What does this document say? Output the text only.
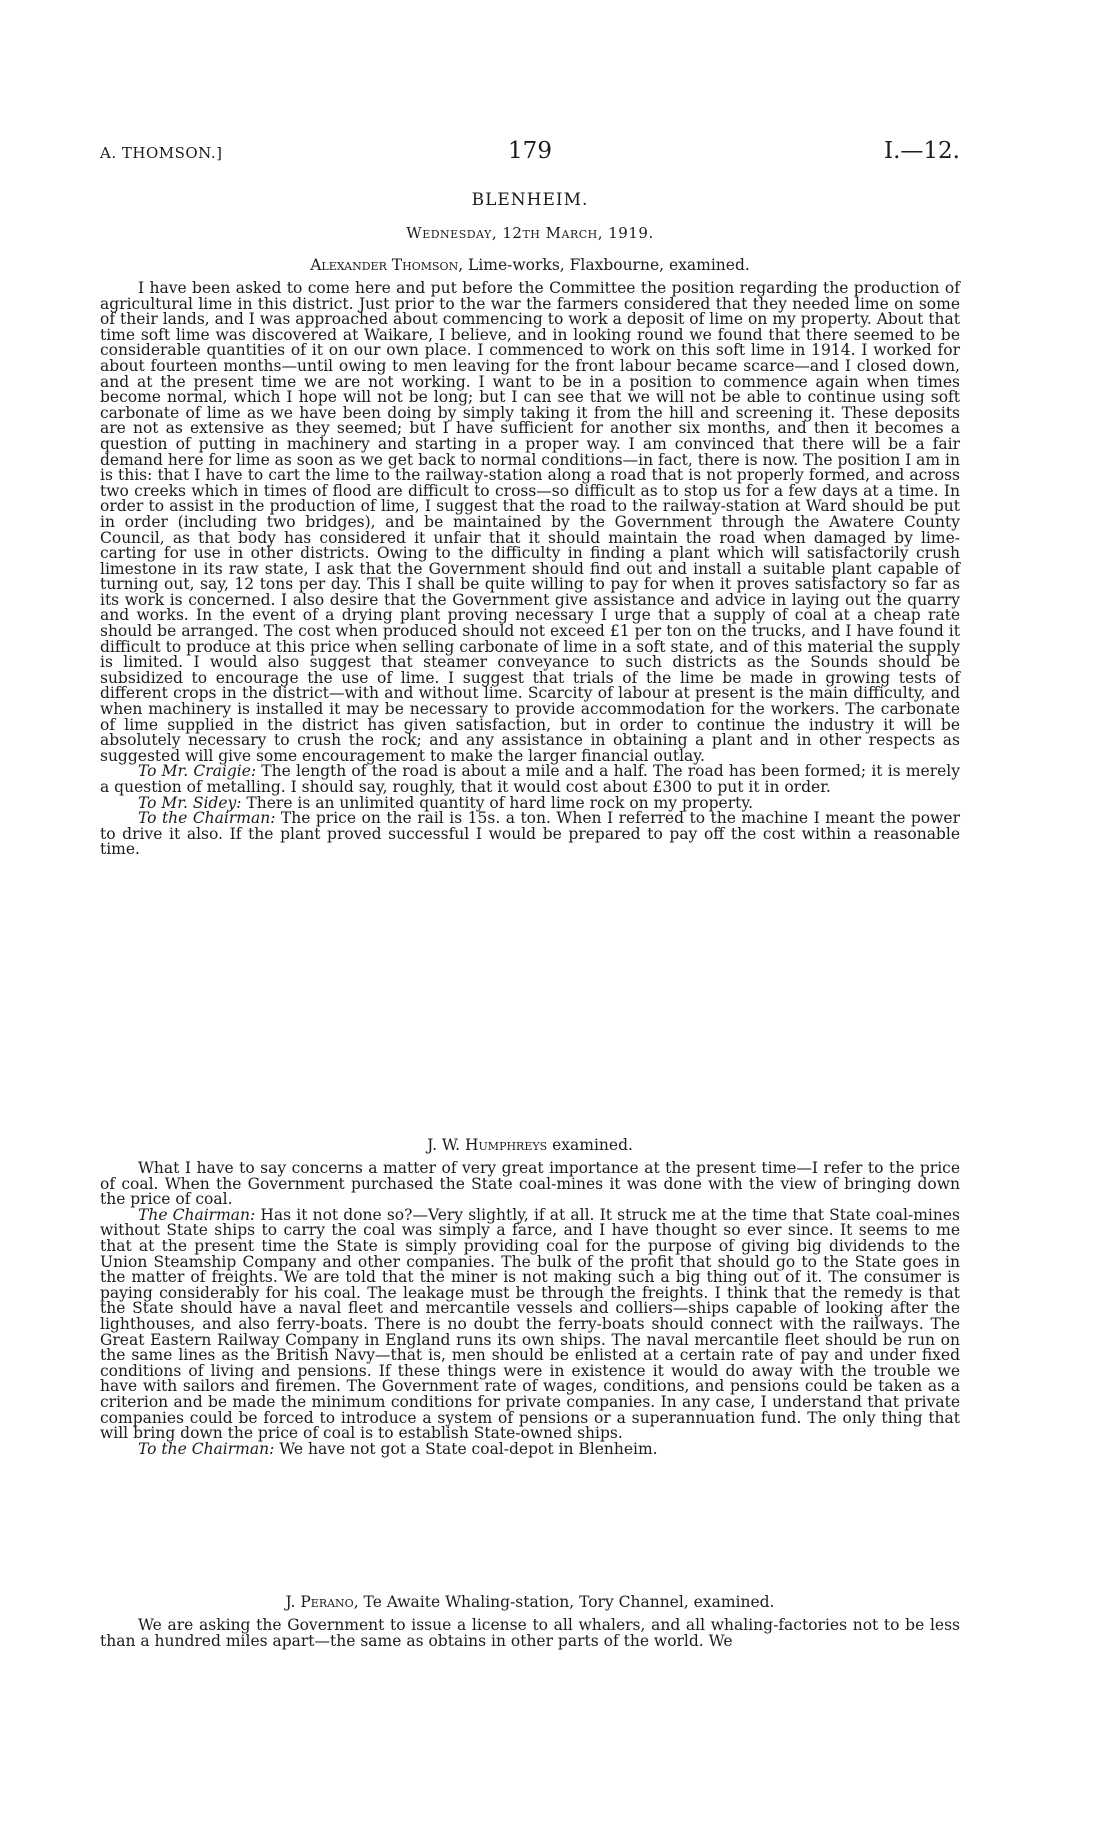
A. THOMSON.]	179	I.—12.
BLENHEIM.
Wednesday, 12th March, 1919.
Alexander Thomson, Lime-works, Flaxbourne, examined.

I have been asked to come here and put before the Committee the position regarding the production of agricultural lime in this district. Just prior to the war the farmers considered that they needed lime on some of their lands, and I was approached about commencing to work a deposit of lime on my property. About that time soft lime was discovered at Waikare, I believe, and in looking round we found that there seemed to be considerable quantities of it on our own place. I commenced to work on this soft lime in 1914. I worked for about fourteen months—until owing to men leaving for the front labour became scarce—and I closed down, and at the present time we are not working. I want to be in a position to commence again when times become normal, which I hope will not be long; but I can see that we will not be able to continue using soft carbonate of lime as we have been doing by simply taking it from the hill and screening it. These deposits are not as extensive as they seemed; but I have sufficient for another six months, and then it becomes a question of putting in machinery and starting in a proper way. I am convinced that there will be a fair demand here for lime as soon as we get back to normal conditions—in fact, there is now. The position I am in is this: that I have to cart the lime to the railway-station along a road that is not properly formed, and across two creeks which in times of flood are difficult to cross—so difficult as to stop us for a few days at a time. In order to assist in the production of lime, I suggest that the road to the railway-station at Ward should be put in order (including two bridges), and be maintained by the Government through the Awatere County Council, as that body has considered it unfair that it should maintain the road when damaged by lime-carting for use in other districts. Owing to the difficulty in finding a plant which will satisfactorily crush limestone in its raw state, I ask that the Government should find out and install a suitable plant capable of turning out, say, 12 tons per day. This I shall be quite willing to pay for when it proves satisfactory so far as its work is concerned. I also desire that the Government give assistance and advice in laying out the quarry and works. In the event of a drying plant proving necessary I urge that a supply of coal at a cheap rate should be arranged. The cost when produced should not exceed £1 per ton on the trucks, and I have found it difficult to produce at this price when selling carbonate of lime in a soft state, and of this material the supply is limited. I would also suggest that steamer conveyance to such districts as the Sounds should be subsidized to encourage the use of lime. I suggest that trials of the lime be made in growing tests of different crops in the district—with and without lime. Scarcity of labour at present is the main difficulty, and when machinery is installed it may be necessary to provide accommodation for the workers. The carbonate of lime supplied in the district has given satisfaction, but in order to continue the industry it will be absolutely necessary to crush the rock; and any assistance in obtaining a plant and in other respects as suggested will give some encouragement to make the larger financial outlay.

To Mr. Craigie: The length of the road is about a mile and a half. The road has been formed; it is merely a question of metalling. I should say, roughly, that it would cost about £300 to put it in order.

To Mr. Sidey: There is an unlimited quantity of hard lime rock on my property.

To the Chairman: The price on the rail is 15s. a ton. When I referred to the machine I meant the power to drive it also. If the plant proved successful I would be prepared to pay off the cost within a reasonable time.

J. W. Humphreys examined.

What I have to say concerns a matter of very great importance at the present time—I refer to the price of coal. When the Government purchased the State coal-mines it was done with the view of bringing down the price of coal.

The Chairman: Has it not done so?—Very slightly, if at all. It struck me at the time that State coal-mines without State ships to carry the coal was simply a farce, and I have thought so ever since. It seems to me that at the present time the State is simply providing coal for the purpose of giving big dividends to the Union Steamship Company and other companies. The bulk of the profit that should go to the State goes in the matter of freights. We are told that the miner is not making such a big thing out of it. The consumer is paying considerably for his coal. The leakage must be through the freights. I think that the remedy is that the State should have a naval fleet and mercantile vessels and colliers—ships capable of looking after the lighthouses, and also ferry-boats. There is no doubt the ferry-boats should connect with the railways. The Great Eastern Railway Company in England runs its own ships. The naval mercantile fleet should be run on the same lines as the British Navy—that is, men should be enlisted at a certain rate of pay and under fixed conditions of living and pensions. If these things were in existence it would do away with the trouble we have with sailors and firemen. The Government rate of wages, conditions, and pensions could be taken as a criterion and be made the minimum conditions for private companies. In any case, I understand that private companies could be forced to introduce a system of pensions or a superannuation fund. The only thing that will bring down the price of coal is to establish State-owned ships.

To the Chairman: We have not got a State coal-depot in Blenheim.

J. Perano, Te Awaite Whaling-station, Tory Channel, examined.

We are asking the Government to issue a license to all whalers, and all whaling-factories not to be less than a hundred miles apart—the same as obtains in other parts of the world. We
